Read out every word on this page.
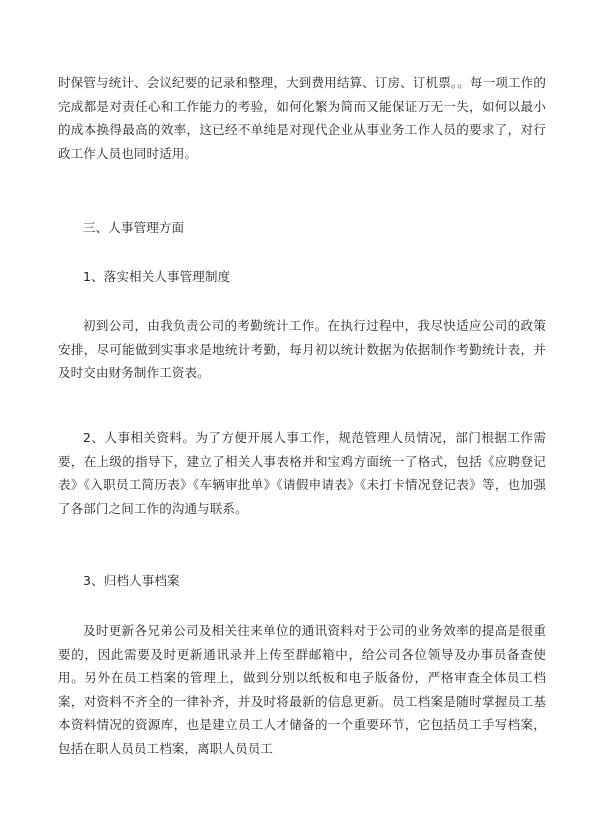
时保管与统计、会议纪要的记录和整理，大到费用结算、订房、订机票。。每一项工作的完成都是对责任心和工作能力的考验，如何化繁为简而又能保证万无一失，如何以最小的成本换得最高的效率，这已经不单纯是对现代企业从事业务工作人员的要求了，对行政工作人员也同时适用。

三、人事管理方面

1、落实相关人事管理制度

初到公司，由我负责公司的考勤统计工作。在执行过程中，我尽快适应公司的政策安排，尽可能做到实事求是地统计考勤，每月初以统计数据为依据制作考勤统计表，并及时交由财务制作工资表。

2、人事相关资料。为了方便开展人事工作，规范管理人员情况，部门根据工作需要，在上级的指导下，建立了相关人事表格并和宝鸡方面统一了格式，包括《应聘登记表》《入职员工简历表》《车辆审批单》《请假申请表》《未打卡情况登记表》等，也加强了各部门之间工作的沟通与联系。

3、归档人事档案

及时更新各兄弟公司及相关往来单位的通讯资料对于公司的业务效率的提高是很重要的，因此需要及时更新通讯录并上传至群邮箱中，给公司各位领导及办事员备查使用。另外在员工档案的管理上，做到分别以纸板和电子版备份，严格审查全体员工档案，对资料不齐全的一律补齐，并及时将最新的信息更新。员工档案是随时掌握员工基本资料情况的资源库，也是建立员工人才储备的一个重要环节，它包括员工手写档案，包括在职人员员工档案，离职人员员工
